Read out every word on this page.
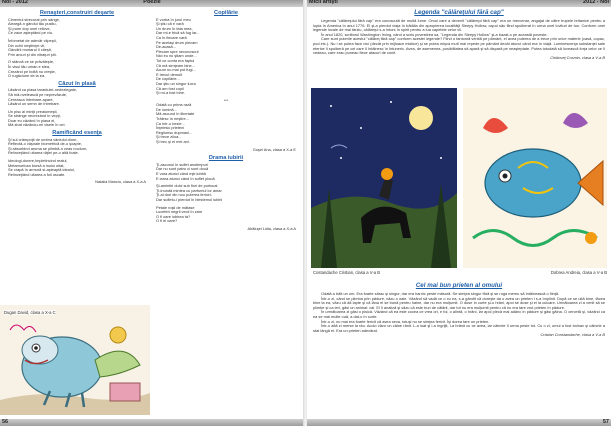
Noi - 2012	Poezie
Renaşteri,construiri deşarte

Cimentul strecurat prin sânge,

Aleargă-n gândul tău pustiu,

Şi pune dop unei relicve,

Ce zace aşteptând pe viu.

Înfometat de adevăr clipeşti,

Din ochii neştiinţei vii,

Gândirii mortarul îl citeşti,

Prin arcuri şi din vitraţuri ştii.

O stâncă ce se prăvăleşte,

În visul tău uman e stea,

Crezând pe boltă nu creşte,

O rugăciune de la ea.

Căzut în plasă

Lăsând ca plasa tarantulei-nedezlegate,

Să mă-nvelească pe neprevăzute,

Cereasca întrebare-apare,

Lăsând un semn de întrebare.

Un pisc al minţii preaiumeşti,

Se strânge necrezând în vepţi,

Doar eu căzând în plasa ei,

Mă zbat văzându-mi visele în cei.

Ramificând esenţa

Şi sul crâmpoţit de umbra vântului diurn,

Reflectă-o vâşnale biometrică de-o şoapte,

Şi absorbind aroma se plimbă-n ceas nocturn,

Relinceţiând uitarea răţiei pe-o altă foaie.

Ideologi,durere,împletincind realul,

Metamorfoza bursă a inului uitat,

Se crapă în armură si-aşteaptă idealul,

Relinceţiând uitarea a foii uscate.

Natalia Manciu, clasa a X-a A
Copilărie

E vorba în jurul meu

Şi ştiu că e vară

Un drum în fata mea,

Dar mi-e frică să fug iar...

Ca în fiecare vară

Pe acelaşi drum plecam

De-acasă...

Plecam spre necunoscut

Nici eu nu ştiam unde...

Tot ce conta era faptul

Că mă simţeam bine...

Acum nu mai pot fugi...

E trecut demult

De copilărie...

Dar ştiu un singur lucru

Că am fost copil

Şi mi-a fost bine.

***

Odată cu prima rază

De lumină...

Mă ascund în libertate

Trăiesc în neştire...

Ca într-o bezie...

Înţelesic prietení

Reglionsc dupmani...

Şi trece zilua...

Şi trec şi ei mei ani.

Guşel Ana, clasa a X-a E
Drama iubirii

Ţi-ascunul în suflet anotimpuri

Dar nu sunt patru ci sunt două

E vara atunci când eşti iubită

E iarna atunci când în suflet plouă

Şi-amintiri dulci sub flori de portocal

Ţi-inundă mintea cu parfumul lor amar

Ţi-ai dori din nou puterea fericiri-

Dar sufletu-i pierdut în blestemul iubirii

Petale roşii de mătase

Luceferi negrii vecii în zare

O fi oare iubirea ta?

O fi el oare?

Abăluţei Lidia, clasa a X-a A
Dugan David, clasa a X-a C
56
Micii artişti	2012 - Noi
Legenda "călăreţului fără cap"

Legenda "călăreţului fără cap" era cunoscută de multă lume. Omul care a devenit "călăreţul fără cap" era un mercenar, angajat de către trupele britanice pentru a lupta în America în anul 1776. El şi-a pierdut viaţa în bătălia din apropierea localităţii Sleepy Hollow, capul său fiind spulberat în urma unei lovituri de tun. Conform unei legende locale de mai târziu, călăreţul s-a întors în spirit pentru a lua capetele celor vii.

În anul 1820, scriitorul Washington Irving, când a scris povestirea sa, "Legenda din Sleepy Hollow" şi-a bazat-o pe această poveste.

Care sunt puterile acestui "călăreţ fără cap" conform acestei legende? Fiind o fantomă venită pe pământ, el avea puterea de a trece prin orice materie (casă, copac, pod etc.). Nu i se putea face nici (decât prin mijloace mistice) şi se putea mişca mult mai repede pe pământ decât atunci când era în viaţă. Luminescenţa substanţei sale eterice îi spulberă pe cei care îl întâlnesc în întuneric. Avea, de asemenea, posibilitatea să apară şi să dispară pe neaşteptate. Putea totodată să lovească forţa celor ce îi vedeau, care erau puneau fiece atacurl de conit.

Chidoveţ Cosmin, clasa a V-a B
Costandache Cristian, clasa a V-a B	Dobrea Andreia, clasa a V-a B
Cel mai bun prieten al omului

Odată a trăit un om. Era foarte sărac şi singur, dar era harnic peste măsură. Se simţea singur fără şi se ruga mereu să întâlnească o fiinţă.

Într-o zi, când se plimba prin pădure, văzu o oaie. Văzând să vadă ce o cu ea, s-a gândit că doreşte da o avea un prieten i s-a împlinit. După ce se uită bine, făcea bine la ea, văzu că dă lapte şi că lâna ei se bună pentru haine, dar nu era mulţumit. O duse în curte şi-o hrăni, apoi se duse şi el la culcare. Următoarea zi a venit să se plimbe şi ca ieri, găsi un animal: cal. El îl analiză şi văzu că este bun de călărit, dar tot nu era mulţumit pentru că nu era tare vrut prieten în pădure.

În următoarea zi găsi o pisică. Văzând că ea este cocea ce vrea ori, e fol, o alintă, o hrăni, iar apoi plecă mai adânc în pădure şi găsi găina. O cercetă şi, văzând ca ea se mai multe ouă, a dat-o în curte.

Într-o zi, nu mai era foarte fericit că avea ceva, totuşi nu se simţea fericit. Îşi dorea tare un prieten.

Într-o altă zi merse la râu. Acolo văzu un câine rănit. L-a luat şi l-a îngrijit, l-a hrănit cu ce avea, iar câinele îl urma peste tot. Cu o zi, omul a fost bolnav şi câinele a stat lângă el. Era un prieten adevărat.

Cristian Constandache, clasa a V-a B
57
